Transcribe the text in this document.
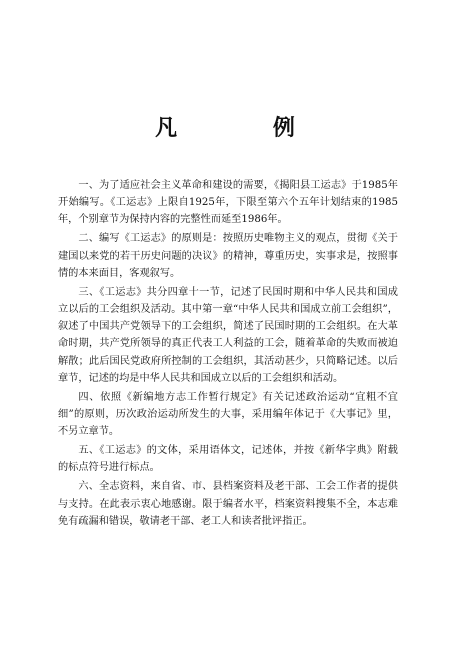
凡 例

一、为了适应社会主义革命和建设的需要，《揭阳县工运志》于1985年开始编写。《工运志》上限自1925年，下限至第六个五年计划结束的1985年，个别章节为保持内容的完整性而延至1986年。

二、编写《工运志》的原则是：按照历史唯物主义的观点，贯彻《关于建国以来党的若干历史问题的决议》的精神，尊重历史，实事求是，按照事情的本来面目，客观叙写。

三、《工运志》共分四章十一节，记述了民国时期和中华人民共和国成立以后的工会组织及活动。其中第一章“中华人民共和国成立前工会组织”，叙述了中国共产党领导下的工会组织，简述了民国时期的工会组织。在大革命时期，共产党所领导的真正代表工人利益的工会，随着革命的失败而被迫解散；此后国民党政府所控制的工会组织，其活动甚少，只简略记述。以后章节，记述的均是中华人民共和国成立以后的工会组织和活动。

四、依照《新编地方志工作暂行规定》有关记述政治运动“宜粗不宜细”的原则，历次政治运动所发生的大事，采用编年体记于《大事记》里，不另立章节。

五、《工运志》的文体，采用语体文，记述体，并按《新华字典》附载的标点符号进行标点。

六、全志资料，来自省、市、县档案资料及老干部、工会工作者的提供与支持。在此表示衷心地感谢。限于编者水平，档案资料搜集不全，本志难免有疏漏和错误，敬请老干部、老工人和读者批评指正。
